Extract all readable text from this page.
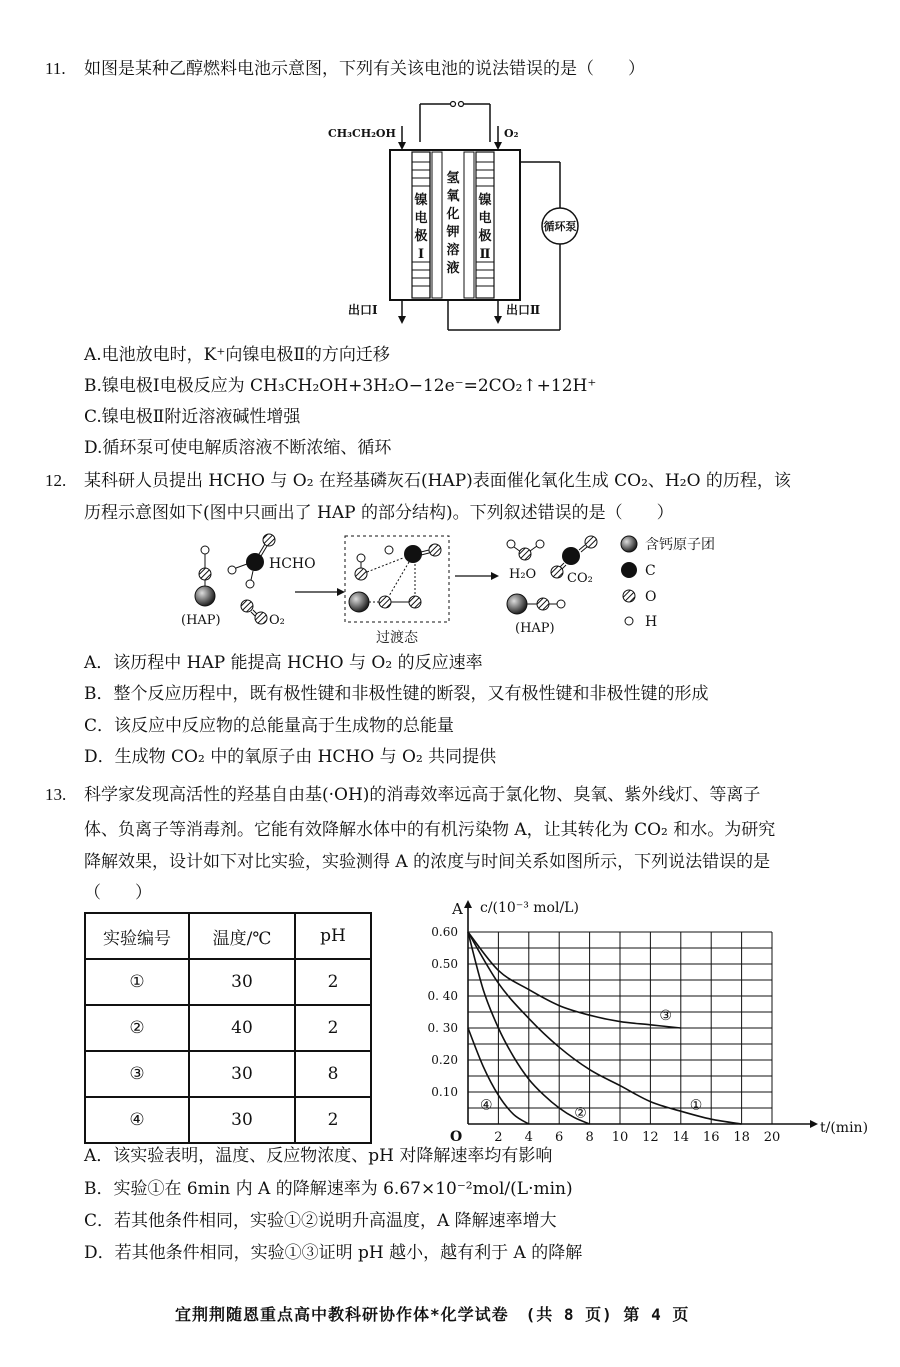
11. 如图是某种乙醇燃料电池示意图，下列有关该电池的说法错误的是（　　）
CH₃CH₂OH	O₂
镍
电
极
Ⅰ
氢
氧
化
钾
溶
液
镍
电
极
Ⅱ
循环泵
出口Ⅰ	出口Ⅱ
A.电池放电时，K⁺向镍电极Ⅱ的方向迁移
B.镍电极Ⅰ电极反应为 CH₃CH₂OH+3H₂O−12e⁻=2CO₂↑+12H⁺
C.镍电极Ⅱ附近溶液碱性增强
D.循环泵可使电解质溶液不断浓缩、循环
12. 某科研人员提出 HCHO 与 O₂ 在羟基磷灰石(HAP)表面催化氧化生成 CO₂、H₂O 的历程，该
历程示意图如下(图中只画出了 HAP 的部分结构)。下列叙述错误的是（　　）
(HAP)
HCHO
O₂
过渡态
H₂O CO₂
(HAP)
含钙原子团
C
O
H
A．该历程中 HAP 能提高 HCHO 与 O₂ 的反应速率
B．整个反应历程中，既有极性键和非极性键的断裂，又有极性键和非极性键的形成
C．该反应中反应物的总能量高于生成物的总能量
D．生成物 CO₂ 中的氧原子由 HCHO 与 O₂ 共同提供
13. 科学家发现高活性的羟基自由基(·OH)的消毒效率远高于氯化物、臭氧、紫外线灯、等离子
体、负离子等消毒剂。它能有效降解水体中的有机污染物 A，让其转化为 CO₂ 和水。为研究
降解效果，设计如下对比实验，实验测得 A 的浓度与时间关系如图所示，下列说法错误的是
（　　）
实验编号	温度/℃	pH
①	30	2
②	40	2
③	30	8
④	30	2
2 4 6 8 10 12 14 16 18 20
0.10
0.20
0. 30
0. 40
0.50
0.60
O
A c/(10⁻³ mol/L)
t/(min)
①
②
③
④
A．该实验表明，温度、反应物浓度、pH 对降解速率均有影响
B．实验①在 6min 内 A 的降解速率为 6.67×10⁻²mol/(L·min)
C．若其他条件相同，实验①②说明升高温度，A 降解速率增大
D．若其他条件相同，实验①③证明 pH 越小，越有利于 A 的降解
宜荆荆随恩重点高中教科研协作体*化学试卷　(共 8 页) 第 4 页
